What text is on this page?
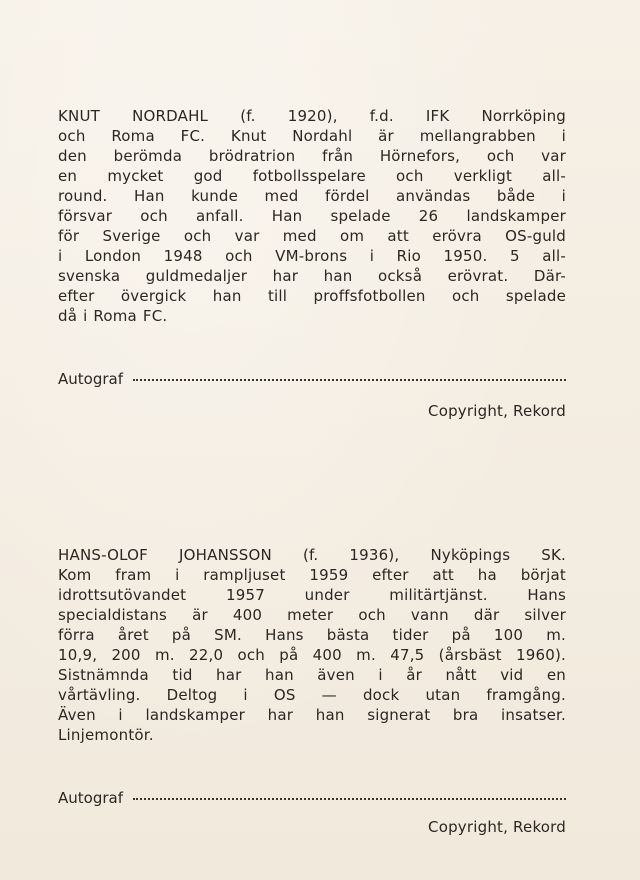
KNUT NORDAHL (f. 1920), f.d. IFK Norrköping
och Roma FC. Knut Nordahl är mellangrabben i
den berömda brödratrion från Hörnefors, och var
en mycket god fotbollsspelare och verkligt all-
round. Han kunde med fördel användas både i
försvar och anfall. Han spelade 26 landskamper
för Sverige och var med om att erövra OS-guld
i London 1948 och VM-brons i Rio 1950. 5 all-
svenska guldmedaljer har han också erövrat. Där-
efter övergick han till proffsfotbollen och spelade
då i Roma FC.

Autograf
Copyright, Rekord

HANS-OLOF JOHANSSON (f. 1936), Nyköpings SK.
Kom fram i rampljuset 1959 efter att ha börjat
idrottsutövandet 1957 under militärtjänst. Hans
specialdistans är 400 meter och vann där silver
förra året på SM. Hans bästa tider på 100 m.
10,9, 200 m. 22,0 och på 400 m. 47,5 (årsbäst 1960).
Sistnämnda tid har han även i år nått vid en
vårtävling. Deltog i OS — dock utan framgång.
Även i landskamper har han signerat bra insatser.
Linjemontör.

Autograf
Copyright, Rekord
